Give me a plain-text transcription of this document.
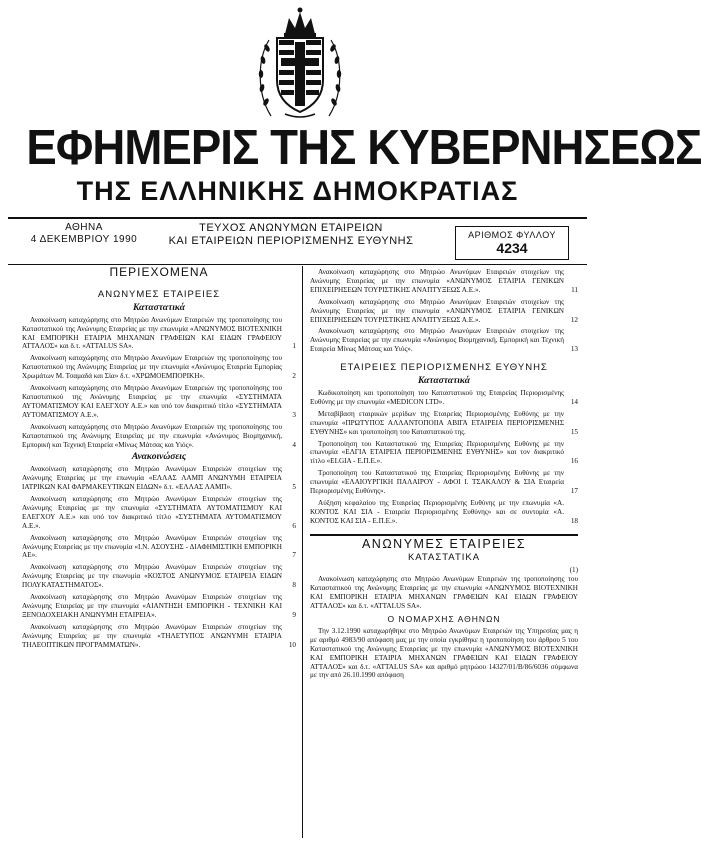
ΕΦΗΜΕΡΙΣ ΤΗΣ ΚΥΒΕΡΝΗΣΕΩΣ
ΤΗΣ ΕΛΛΗΝΙΚΗΣ ΔΗΜΟΚΡΑΤΙΑΣ
ΑΘΗΝΑ
4 ΔΕΚΕΜΒΡΙΟΥ 1990
ΤΕΥΧΟΣ ΑΝΩΝΥΜΩΝ ΕΤΑΙΡΕΙΩΝ
ΚΑΙ ΕΤΑΙΡΕΙΩΝ ΠΕΡΙΟΡΙΣΜΕΝΗΣ ΕΥΘΥΝΗΣ	ΑΡΙΘΜΟΣ ΦΥΛΛΟΥ
4234
ΠΕΡΙΕΧΟΜΕΝΑ
ΑΝΩΝΥΜΕΣ ΕΤΑΙΡΕΙΕΣ
Καταστατικά
Ανακοίνωση καταχώρησης στο Μητρώο Ανωνύμων Εταιρειών της τροποποίησης του Καταστατικού της Ανώνυμης Εταιρείας με την επωνυμία «ΑΝΩΝΥΜΟΣ ΒΙΟΤΕΧΝΙΚΗ ΚΑΙ ΕΜΠΟΡΙΚΗ ΕΤΑΙΡΙΑ ΜΗΧΑΝΩΝ ΓΡΑΦΕΙΩΝ ΚΑΙ ΕΙΔΩΝ ΓΡΑΦΕΙΟΥ ΑΤΤΑΛΟΣ» και δ.τ. «ATTALUS SA».	1
Ανακοίνωση καταχώρησης στο Μητρώο Ανωνύμων Εταιρειών της τροποποίησης του Καταστατικού της Ανώνυμης Εταιρείας με την επωνυμία «Ανώνυμος Εταιρεία Εμπορίας Χρωμάτων Μ. Τσαμαδά και Σία» δ.τ. «ΧΡΩΜΟΕΜΠΟΡΙΚΗ».	2
Ανακοίνωση καταχώρησης στο Μητρώο Ανωνύμων Εταιρειών της τροποποίησης του Καταστατικού της Ανώνυμης Εταιρείας με την επωνυμία «ΣΥΣΤΗΜΑΤΑ ΑΥΤΟΜΑΤΙΣΜΟΥ ΚΑΙ ΕΛΕΓΧΟΥ Α.Ε.» και υπό τον διακριτικό τίτλο «ΣΥΣΤΗΜΑΤΑ ΑΥΤΟΜΑΤΙΣΜΟΥ Α.Ε.».	3
Ανακοίνωση καταχώρησης στο Μητρώο Ανωνύμων Εταιρειών της τροποποίησης του Καταστατικού της Ανώνυμης Εταιρείας με την επωνυμία «Ανώνυμος Βιομηχανική, Εμπορική και Τεχνική Εταιρεία «Μίνως Μάτσας και Υιός».	4
Ανακοινώσεις
Ανακοίνωση καταχώρησης στο Μητρώο Ανωνύμων Εταιρειών στοιχείων της Ανώνυμης Εταιρείας με την επωνυμία «ΕΛΛΑΣ ΛΑΜΠ ΑΝΩΝΥΜΗ ΕΤΑΙΡΕΙΑ ΙΑΤΡΙΚΩΝ ΚΑΙ ΦΑΡΜΑΚΕΥΤΙΚΩΝ ΕΙΔΩΝ» δ.τ. «ΕΛΛΑΣ ΛΑΜΠ».	5
Ανακοίνωση καταχώρησης στο Μητρώο Ανωνύμων Εταιρειών στοιχείων της Ανώνυμης Εταιρείας με την επωνυμία «ΣΥΣΤΗΜΑΤΑ ΑΥΤΟΜΑΤΙΣΜΟΥ ΚΑΙ ΕΛΕΓΧΟΥ Α.Ε.» και υπό τον διακριτικό τίτλο «ΣΥΣΤΗΜΑΤΑ ΑΥΤΟΜΑΤΙΣΜΟΥ Α.Ε.».	6
Ανακοίνωση καταχώρησης στο Μητρώο Ανωνύμων Εταιρειών στοιχείων της Ανώνυμης Εταιρείας με την επωνυμία «Ι.Ν. ΑΣΟΥΣΗΣ - ΔΙΑΦΗΜΙΣΤΙΚΗ ΕΜΠΟΡΙΚΗ ΑΕ».	7
Ανακοίνωση καταχώρησης στο Μητρώο Ανωνύμων Εταιρειών στοιχείων της Ανώνυμης Εταιρείας με την επωνυμία «ΚΟΣΤΟΣ ΑΝΩΝΥΜΟΣ ΕΤΑΙΡΕΙΑ ΕΙΔΩΝ ΠΟΛΥΚΑΤΑΣΤΗΜΑΤΟΣ».	8
Ανακοίνωση καταχώρησης στο Μητρώο Ανωνύμων Εταιρειών στοιχείων της Ανώνυμης Εταιρείας με την επωνυμία «ΑΙΑΝΤΗΣΗ ΕΜΠΟΡΙΚΗ - ΤΕΧΝΙΚΗ ΚΑΙ ΞΕΝΟΔΟΧΕΙΑΚΗ ΑΝΩΝΥΜΗ ΕΤΑΙΡΕΙΑ».	9
Ανακοίνωση καταχώρησης στο Μητρώο Ανωνύμων Εταιρειών στοιχείων της Ανώνυμης Εταιρείας με την επωνυμία «ΤΗΛΕΤΥΠΟΣ ΑΝΩΝΥΜΗ ΕΤΑΙΡΙΑ ΤΗΛΕΟΠΤΙΚΩΝ ΠΡΟΓΡΑΜΜΑΤΩΝ».	10
Ανακοίνωση καταχώρησης στο Μητρώο Ανωνύμων Εταιρειών στοιχείων της Ανώνυμης Εταιρείας με την επωνυμία «ΑΝΩΝΥΜΟΣ ΕΤΑΙΡΙΑ ΓΕΝΙΚΩΝ ΕΠΙΧΕΙΡΗΣΕΩΝ ΤΟΥΡΙΣΤΙΚΗΣ ΑΝΑΠΤΥΞΕΩΣ Α.Ε.».	11
Ανακοίνωση καταχώρησης στο Μητρώο Ανωνύμων Εταιρειών στοιχείων της Ανώνυμης Εταιρείας με την επωνυμία «ΑΝΩΝΥΜΟΣ ΕΤΑΙΡΙΑ ΓΕΝΙΚΩΝ ΕΠΙΧΕΙΡΗΣΕΩΝ ΤΟΥΡΙΣΤΙΚΗΣ ΑΝΑΠΤΥΞΕΩΣ Α.Ε.».	12
Ανακοίνωση καταχώρησης στο Μητρώο Ανωνύμων Εταιρειών στοιχείων της Ανώνυμης Εταιρείας με την επωνυμία «Ανώνυμος Βιομηχανική, Εμπορική και Τεχνική Εταιρεία Μίνως Μάτσας και Υιός».	13
ΕΤΑΙΡΕΙΕΣ ΠΕΡΙΟΡΙΣΜΕΝΗΣ ΕΥΘΥΝΗΣ
Καταστατικά
Κωδικοποίηση και τροποποίηση του Καταστατικού της Εταιρείας Περιορισμένης Ευθύνης με την επωνυμία «MEDICON LTD».	14
Μεταβίβαση εταιρικών μερίδων της Εταιρείας Περιορισμένης Ευθύνης με την επωνυμία «ΠΡΩΤΥΠΟΣ ΑΛΛΑΝΤΟΠΟΙΙΑ ΑΒΙΓΑ ΕΤΑΙΡΕΙΑ ΠΕΡΙΟΡΙΣΜΕΝΗΣ ΕΥΘΥΝΗΣ» και τροποποίηση του Καταστατικού της.	15
Τροποποίηση του Καταστατικού της Εταιρείας Περιορισμένης Ευθύνης με την επωνυμία «ΕΛΓΙΑ ΕΤΑΙΡΕΙΑ ΠΕΡΙΟΡΙΣΜΕΝΗΣ ΕΥΘΥΝΗΣ» και τον διακριτικό τίτλο «ELGIA - Ε.Π.Ε.».	16
Τροποποίηση του Καταστατικού της Εταιρείας Περιορισμένης Ευθύνης με την επωνυμία «ΕΛΑΙΟΥΡΓΙΚΗ ΠΑΛΑΙΡΟΥ - ΑΦΟΙ Ι. ΤΣΑΚΑΛΟΥ & ΣΙΑ Εταιρεία Περιορισμένης Ευθύνης».	17
Αύξηση κεφαλαίου της Εταιρείας Περιορισμένης Ευθύνης με την επωνυμία «Α. ΚΟΝΤΟΣ ΚΑΙ ΣΙΑ - Εταιρεία Περιορισμένης Ευθύνης» και σε συντομία «Α. ΚΟΝΤΟΣ ΚΑΙ ΣΙΑ - Ε.Π.Ε.».	18
ΑΝΩΝΥΜΕΣ ΕΤΑΙΡΕΙΕΣ
ΚΑΤΑΣΤΑΤΙΚΑ
(1)
Ανακοίνωση καταχώρησης στο Μητρώο Ανωνύμων Εταιρειών της τροποποίησης του Καταστατικού της Ανώνυμης Εταιρείας με την επωνυμία «ΑΝΩΝΥΜΟΣ ΒΙΟΤΕΧΝΙΚΗ ΚΑΙ ΕΜΠΟΡΙΚΗ ΕΤΑΙΡΙΑ ΜΗΧΑΝΩΝ ΓΡΑΦΕΙΩΝ ΚΑΙ ΕΙΔΩΝ ΓΡΑΦΕΙΟΥ ΑΤΤΑΛΟΣ» και δ.τ. «ATTALUS SA».
Ο ΝΟΜΑΡΧΗΣ ΑΘΗΝΩΝ
Την 3.12.1990 καταχωρήθηκε στο Μητρώο Ανωνύμων Εταιρειών της Υπηρεσίας μας η με αριθμό 4983/90 απόφαση μας με την οποία εγκρίθηκε η τροποποίηση του άρθρου 5 του Καταστατικού της Ανώνυμης Εταιρείας με την επωνυμία «ΑΝΩΝΥΜΟΣ ΒΙΟΤΕΧΝΙΚΗ ΚΑΙ ΕΜΠΟΡΙΚΗ ΕΤΑΙΡΙΑ ΜΗΧΑΝΩΝ ΓΡΑΦΕΙΩΝ ΚΑΙ ΕΙΔΩΝ ΓΡΑΦΕΙΟΥ ΑΤΤΑΛΟΣ» και δ.τ. «ATTALUS SA» και αριθμό μητρώου 14327/01/Β/86/6036 σύμφωνα με την από 26.10.1990 απόφαση
